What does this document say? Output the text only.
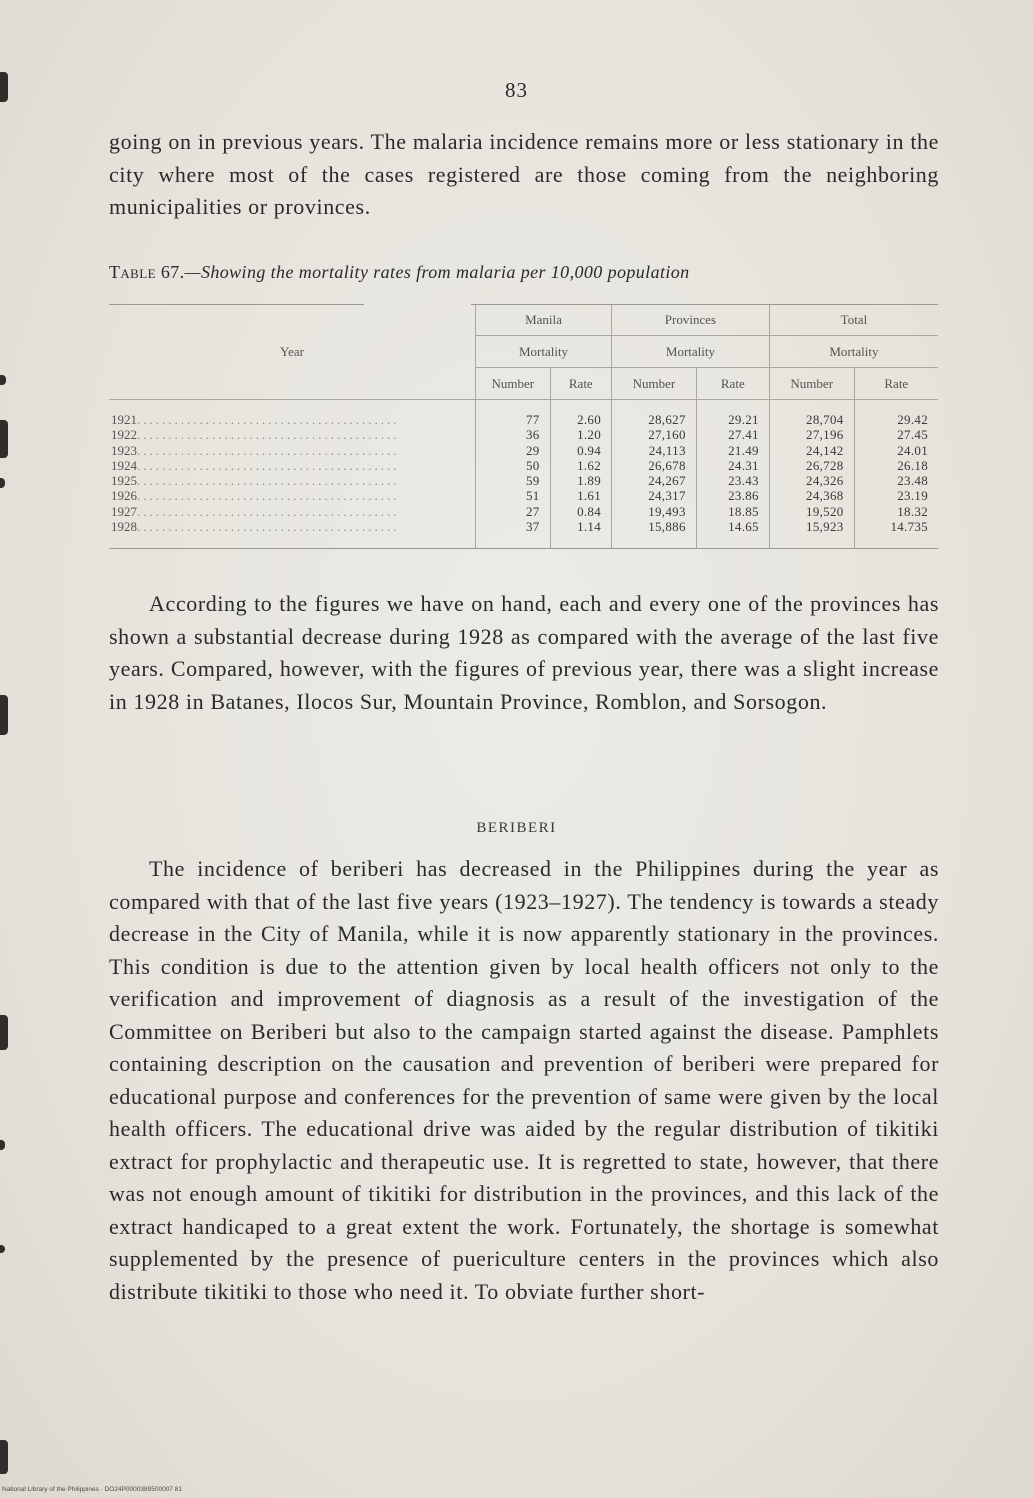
83

going on in previous years. The malaria incidence remains more or less stationary in the city where most of the cases registered are those coming from the neighboring municipalities or provinces.

Table 67.—Showing the mortality rates from malaria per 10,000 population
Year	Manila		Provinces		Total	
	Mortality		Mortality		Mortality	
	Number	Rate	Number	Rate	Number	Rate
1921..........................................	77	2.60	28,627	29.21	28,704	29.42
1922..........................................	36	1.20	27,160	27.41	27,196	27.45
1923..........................................	29	0.94	24,113	21.49	24,142	24.01
1924..........................................	50	1.62	26,678	24.31	26,728	26.18
1925..........................................	59	1.89	24,267	23.43	24,326	23.48
1926..........................................	51	1.61	24,317	23.86	24,368	23.19
1927..........................................	27	0.84	19,493	18.85	19,520	18.32
1928..........................................	37	1.14	15,886	14.65	15,923	14.735

According to the figures we have on hand, each and every one of the provinces has shown a substantial decrease during 1928 as compared with the average of the last five years. Compared, however, with the figures of previous year, there was a slight increase in 1928 in Batanes, Ilocos Sur, Mountain Province, Romblon, and Sorsogon.

BERIBERI

The incidence of beriberi has decreased in the Philippines during the year as compared with that of the last five years (1923–1927). The tendency is towards a steady decrease in the City of Manila, while it is now apparently stationary in the provinces. This condition is due to the attention given by local health officers not only to the verification and improvement of diagnosis as a result of the investigation of the Committee on Beriberi but also to the campaign started against the disease. Pamphlets containing description on the causation and prevention of beriberi were prepared for educational purpose and conferences for the prevention of same were given by the local health officers. The educational drive was aided by the regular distribution of tikitiki extract for prophylactic and therapeutic use. It is regretted to state, however, that there was not enough amount of tikitiki for distribution in the provinces, and this lack of the extract handicaped to a great extent the work. Fortunately, the shortage is somewhat supplemented by the presence of puericulture centers in the provinces which also distribute tikitiki to those who need it. To obviate further short-

National Library of the Philippines · DO24P0000389500007 81
